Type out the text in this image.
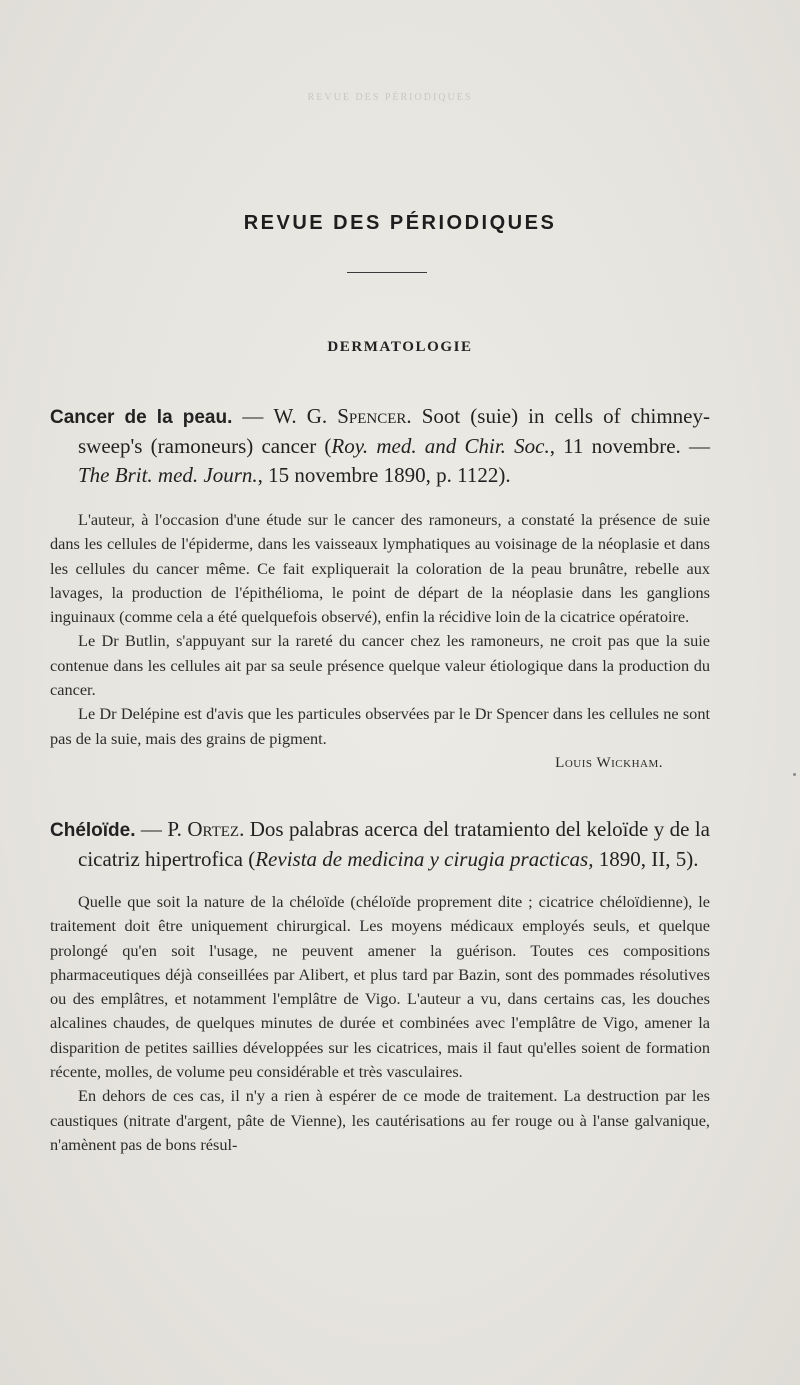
REVUE DES PÉRIODIQUES
REVUE DES PÉRIODIQUES
DERMATOLOGIE
Cancer de la peau. — W. G. Spencer. Soot (suie) in cells of chimney-sweep's (ramoneurs) cancer (Roy. med. and Chir. Soc., 11 novembre. — The Brit. med. Journ., 15 novembre 1890, p. 1122).

L'auteur, à l'occasion d'une étude sur le cancer des ramoneurs, a constaté la présence de suie dans les cellules de l'épiderme, dans les vaisseaux lymphatiques au voisinage de la néoplasie et dans les cellules du cancer même. Ce fait expliquerait la coloration de la peau brunâtre, rebelle aux lavages, la production de l'épithélioma, le point de départ de la néoplasie dans les ganglions inguinaux (comme cela a été quelquefois observé), enfin la récidive loin de la cicatrice opératoire.

Le Dr Butlin, s'appuyant sur la rareté du cancer chez les ramoneurs, ne croit pas que la suie contenue dans les cellules ait par sa seule présence quelque valeur étiologique dans la production du cancer.

Le Dr Delépine est d'avis que les particules observées par le Dr Spencer dans les cellules ne sont pas de la suie, mais des grains de pigment.

Louis Wickham.
Chéloïde. — P. Ortez. Dos palabras acerca del tratamiento del keloïde y de la cicatriz hipertrofica (Revista de medicina y cirugia practicas, 1890, II, 5).

Quelle que soit la nature de la chéloïde (chéloïde proprement dite ; cicatrice chéloïdienne), le traitement doit être uniquement chirurgical. Les moyens médicaux employés seuls, et quelque prolongé qu'en soit l'usage, ne peuvent amener la guérison. Toutes ces compositions pharmaceutiques déjà conseillées par Alibert, et plus tard par Bazin, sont des pommades résolutives ou des emplâtres, et notamment l'emplâtre de Vigo. L'auteur a vu, dans certains cas, les douches alcalines chaudes, de quelques minutes de durée et combinées avec l'emplâtre de Vigo, amener la disparition de petites saillies développées sur les cicatrices, mais il faut qu'elles soient de formation récente, molles, de volume peu considérable et très vasculaires.

En dehors de ces cas, il n'y a rien à espérer de ce mode de traitement. La destruction par les caustiques (nitrate d'argent, pâte de Vienne), les cautérisations au fer rouge ou à l'anse galvanique, n'amènent pas de bons résul-
